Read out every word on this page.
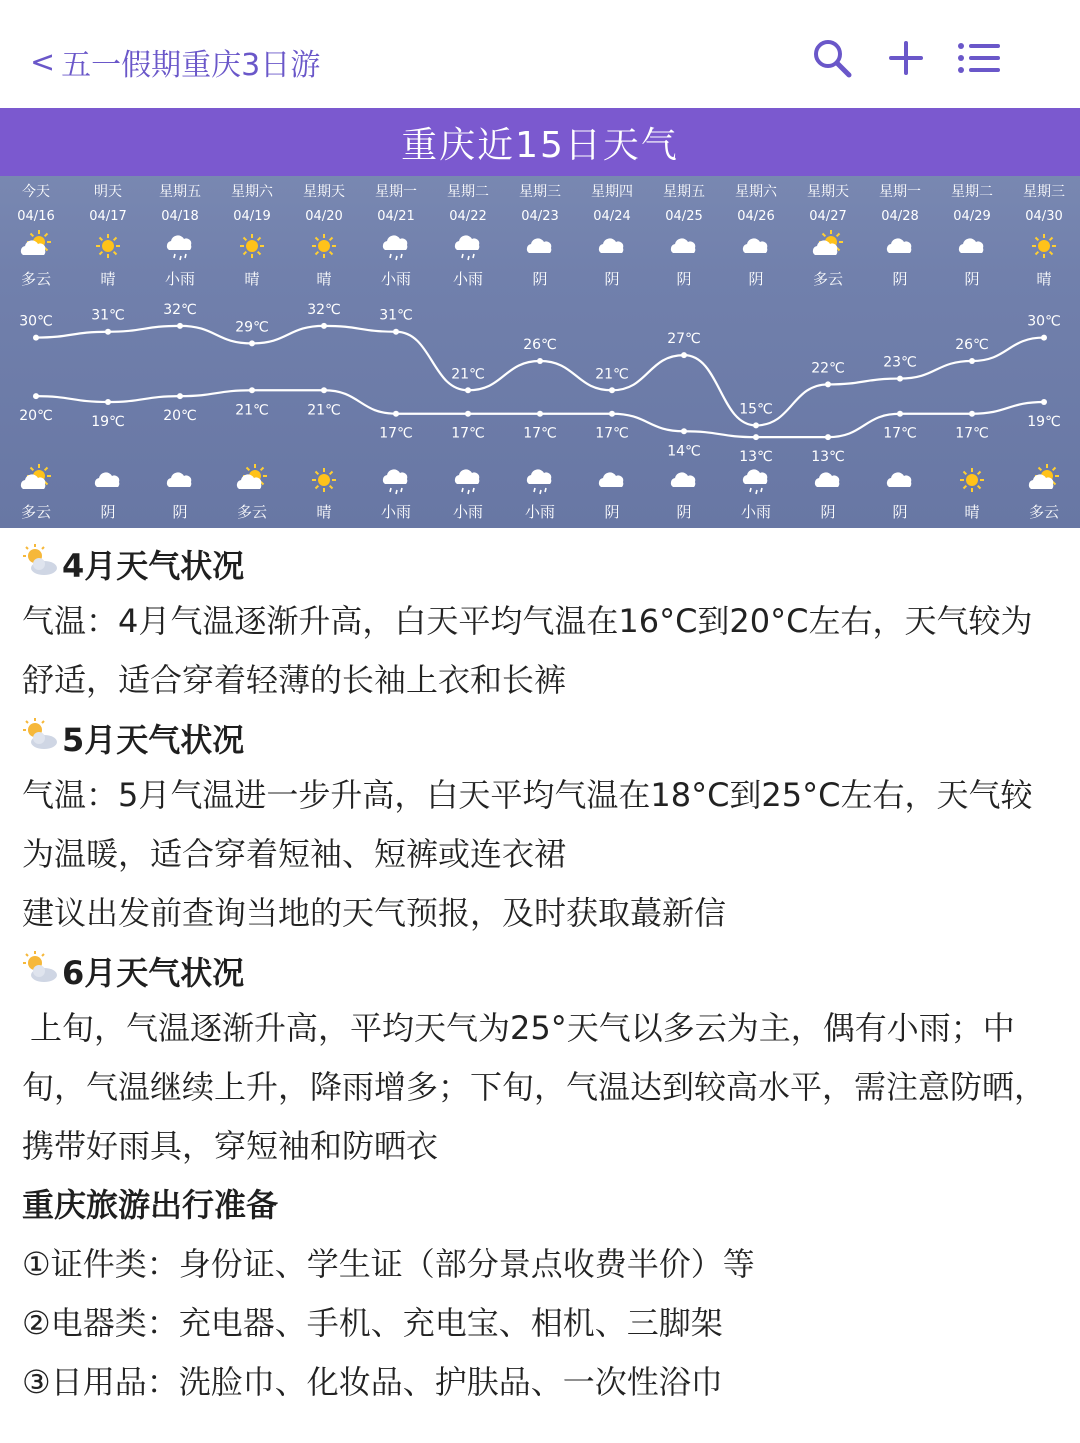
< 五一假期重庆3日游
重庆近15日天气
今天
04/16
多云
30℃
20℃
多云
明天
04/17
晴
31℃
19℃
阴
星期五
04/18
小雨
32℃
20℃
阴
星期六
04/19
晴
29℃
21℃
多云
星期天
04/20
晴
32℃
21℃
晴
星期一
04/21
小雨
31℃
17℃
小雨
星期二
04/22
小雨
21℃
17℃
小雨
星期三
04/23
阴
26℃
17℃
小雨
星期四
04/24
阴
21℃
17℃
阴
星期五
04/25
阴
27℃
14℃
阴
星期六
04/26
阴
15℃
13℃
小雨
星期天
04/27
多云
22℃
13℃
阴
星期一
04/28
阴
23℃
17℃
阴
星期二
04/29
阴
26℃
17℃
晴
星期三
04/30
晴
30℃
19℃
多云
4月天气状况
气温：4月气温逐渐升高，白天平均气温在16°C到20°C左右，天气较为舒适，适合穿着轻薄的长袖上衣和长裤
5月天气状况
气温：5月气温进一步升高，白天平均气温在18°C到25°C左右，天气较为温暖，适合穿着短袖、短裤或连衣裙
建议出发前查询当地的天气预报，及时获取蕞新信
6月天气状况
上旬，气温逐渐升高，平均天气为25°天气以多云为主，偶有小雨；中旬，气温继续上升，降雨增多；下旬，气温达到较高水平，需注意防晒，携带好雨具，穿短袖和防晒衣
重庆旅游出行准备
①证件类：身份证、学生证（部分景点收费半价）等
②电器类：充电器、手机、充电宝、相机、三脚架
③日用品：洗脸巾、化妆品、护肤品、一次性浴巾
